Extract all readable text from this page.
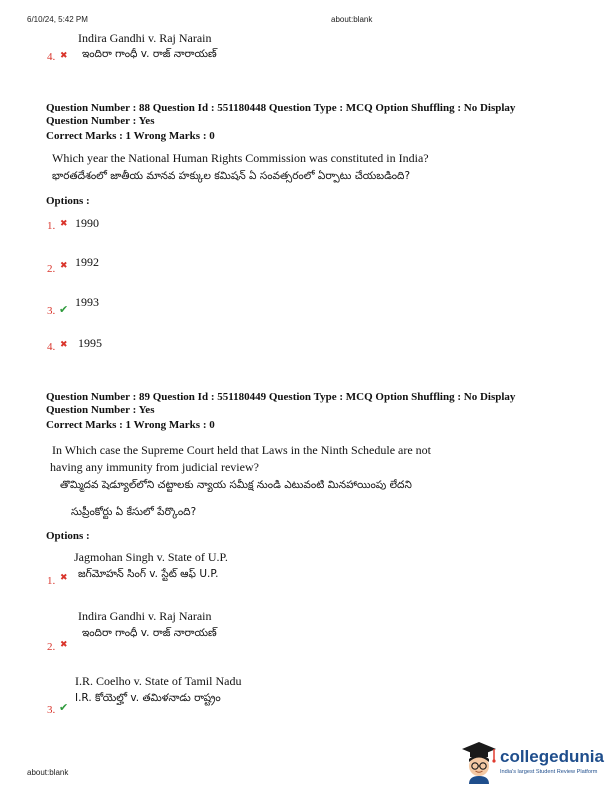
6/10/24, 5:42 PM	about:blank
Indira Gandhi v. Raj Narain
4. ✖ ఇందిరా గాంధీ v. రాజ్ నారాయణ్
Question Number : 88 Question Id : 551180448 Question Type : MCQ Option Shuffling : No Display
Question Number : Yes
Correct Marks : 1 Wrong Marks : 0
Which year the National Human Rights Commission was constituted in India?
భారతదేశంలో జాతీయ మానవ హక్కుల కమిషన్ ఏ సంవత్సరంలో ఏర్పాటు చేయబడింది?
Options :
1. ✖ 1990
2. ✖ 1992
3. ✔
1993
4. ✖ 1995
Question Number : 89 Question Id : 551180449 Question Type : MCQ Option Shuffling : No Display
Question Number : Yes
Correct Marks : 1 Wrong Marks : 0
In Which case the Supreme Court held that Laws in the Ninth Schedule are not
having any immunity from judicial review?
తొమ్మిదవ షెడ్యూల్‌లోని చట్టాలకు న్యాయ సమీక్ష నుండి ఎటువంటి మినహాయింపు లేదని
సుప్రీంకోర్టు ఏ కేసులో పేర్కొంది?
Options :
Jagmohan Singh v. State of U.P.
1. ✖ జగ్‌మోహన్ సింగ్ v. స్టేట్ ఆఫ్ U.P.
Indira Gandhi v. Raj Narain
ఇందిరా గాంధీ v. రాజ్ నారాయణ్
2. ✖
I.R. Coelho v. State of Tamil Nadu
I.R. కోయెల్హో v. తమిళనాడు రాష్ట్రం
3. ✔
about:blank
collegedunia
India's largest Student Review Platform
